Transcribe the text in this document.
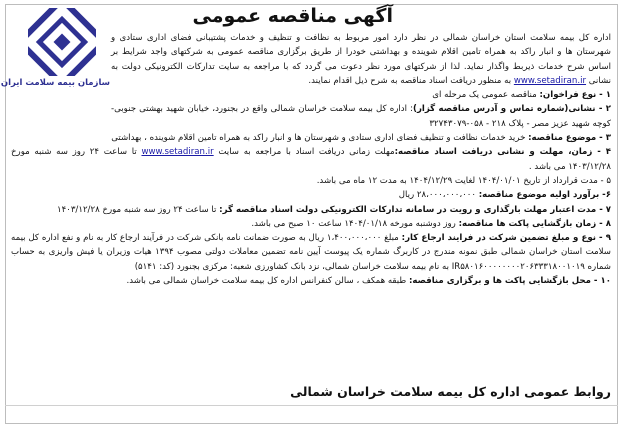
سازمان بیمه سلامت ایران
آگهی مناقصه عمومی

اداره کل بیمه سلامت استان خراسان شمالی در نظر دارد امور مربوط به نظافت و تنظیف و خدمات پشتیبانی فضای اداری ستادی و شهرستان ها و انبار راکد به همراه تامین اقلام شوینده و بهداشتی خودرا از طریق برگزاری مناقصه عمومی به شرکتهای واجد شرایط بر اساس شرح خدمات ذیربط واگذار نماید. لذا از شرکتهای مورد نظر دعوت می گردد که با مراجعه به سایت تدارکات الکترونیکی دولت به نشانی www.setadiran.ir به منظور دریافت اسناد مناقصه به شرح ذیل اقدام نمایند.

۱ - نوع فراخوان: مناقصه عمومی یک مرحله ای

۲ - نشانی(شماره تماس و آدرس مناقصه گزار): اداره کل بیمه سلامت خراسان شمالی واقع در بجنورد، خیابان شهید بهشتی جنوبی-کوچه شهید عزیز مصر - پلاک ۲۱۸ - ۰۵۸-۳۲۷۴۳۰۷۹

۳ - موضوع مناقصه: خرید خدمات نظافت و تنظیف فضای اداری ستادی و شهرستان ها و انبار راکد به همراه تامین اقلام شوینده ، بهداشتی

۴ - زمان، مهلت و نشانی دریافت اسناد مناقصه:مهلت زمانی دریافت اسناد با مراجعه به سایت www.setadiran.ir تا ساعت ۲۴ روز سه شنبه مورخ ۱۴۰۳/۱۲/۲۸ می باشد .

۵ - مدت قرارداد از تاریخ ۱۴۰۴/۰۱/۰۱ لغایت ۱۴۰۴/۱۲/۲۹ به مدت ۱۲ ماه می باشد.

۶- برآورد اولیه موضوع مناقصه: ۲۸،۰۰۰،۰۰۰،۰۰۰ ریال

۷ - مدت اعتبار مهلت بارگذاری و رویت در سامانه تدارکات الکترونیکی دولت اسناد مناقصه گر: تا ساعت ۲۴ روز سه شنبه مورخ ۱۴۰۳/۱۲/۲۸

۸ - زمان بازگشایی پاکت ها مناقصه: روز دوشنبه مورخه ۱۴۰۴/۰۱/۱۸ ساعت ۱۰ صبح می باشد.

۹ - نوع و مبلغ تضمین شرکت در فرایند ارجاع کار: مبلغ ۱،۴۰۰،۰۰۰،۰۰۰ ریال به صورت ضمانت نامه بانکی شرکت در فرآیند ارجاع کار به نام و نفع اداره کل بیمه سلامت استان خراسان شمالی طبق نمونه مندرج در کاربرگ شماره یک پیوست آیین نامه تضمین معاملات دولتی مصوب ۱۳۹۴ هیات وزیران یا فیش واریزی به حساب شماره IR۵۸۰۱۶۰۰۰۰۰۰۰۰۲۰۶۳۳۳۱۸۰۰۱۰۱۹ به نام بیمه سلامت خراسان شمالی، نزد بانک کشاورزی شعبه: مرکزی بجنورد (کد: ۵۱۴۱)

۱۰ - محل بازگشایی پاکت ها و برگزاری مناقصه: طبقه همکف ، سالن کنفرانس اداره کل بیمه سلامت خراسان شمالی می باشد.

روابط عمومی اداره کل بیمه سلامت خراسان شمالی
